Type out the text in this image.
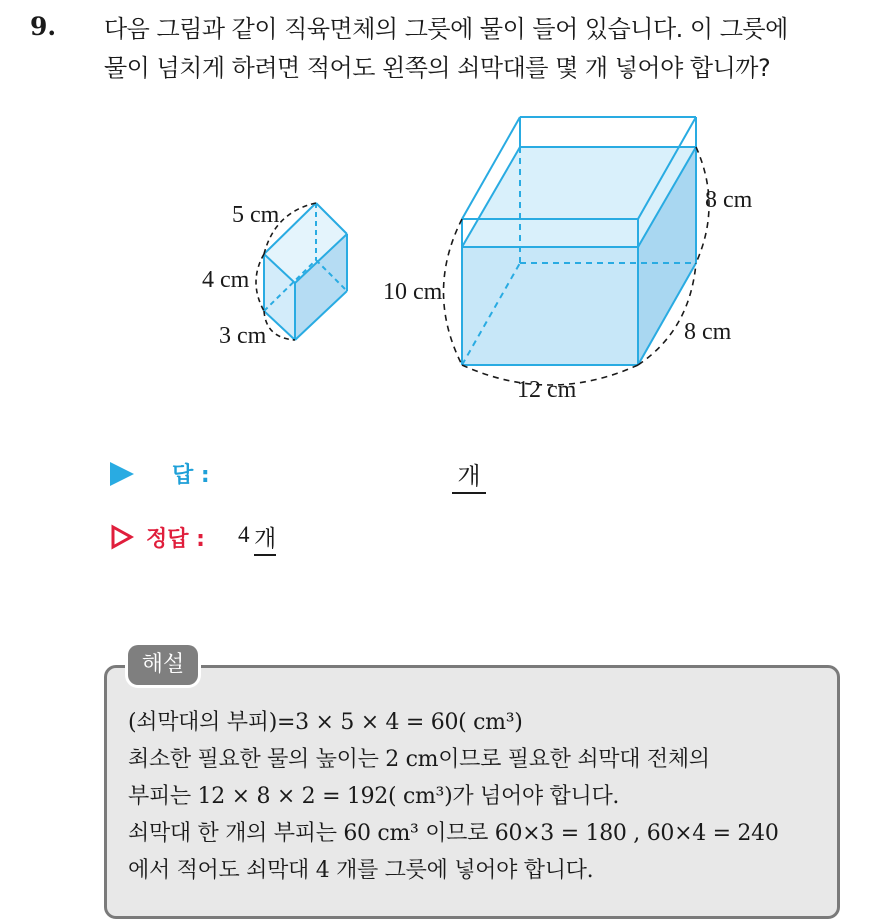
9. 다음 그림과 같이 직육면체의 그릇에 물이 들어 있습니다. 이 그릇에
물이 넘치게 하려면 적어도 왼쪽의 쇠막대를 몇 개 넣어야 합니까?
5 cm
4 cm
3 cm
8 cm
10 cm
8 cm
12 cm
답 :	개
정답 : 4 개
해설
(쇠막대의 부피)=3 × 5 × 4 = 60( cm³)
최소한 필요한 물의 높이는 2 cm이므로 필요한 쇠막대 전체의
부피는 12 × 8 × 2 = 192( cm³)가 넘어야 합니다.
쇠막대 한 개의 부피는 60 cm³ 이므로 60×3 = 180 , 60×4 = 240
에서 적어도 쇠막대 4 개를 그릇에 넣어야 합니다.
